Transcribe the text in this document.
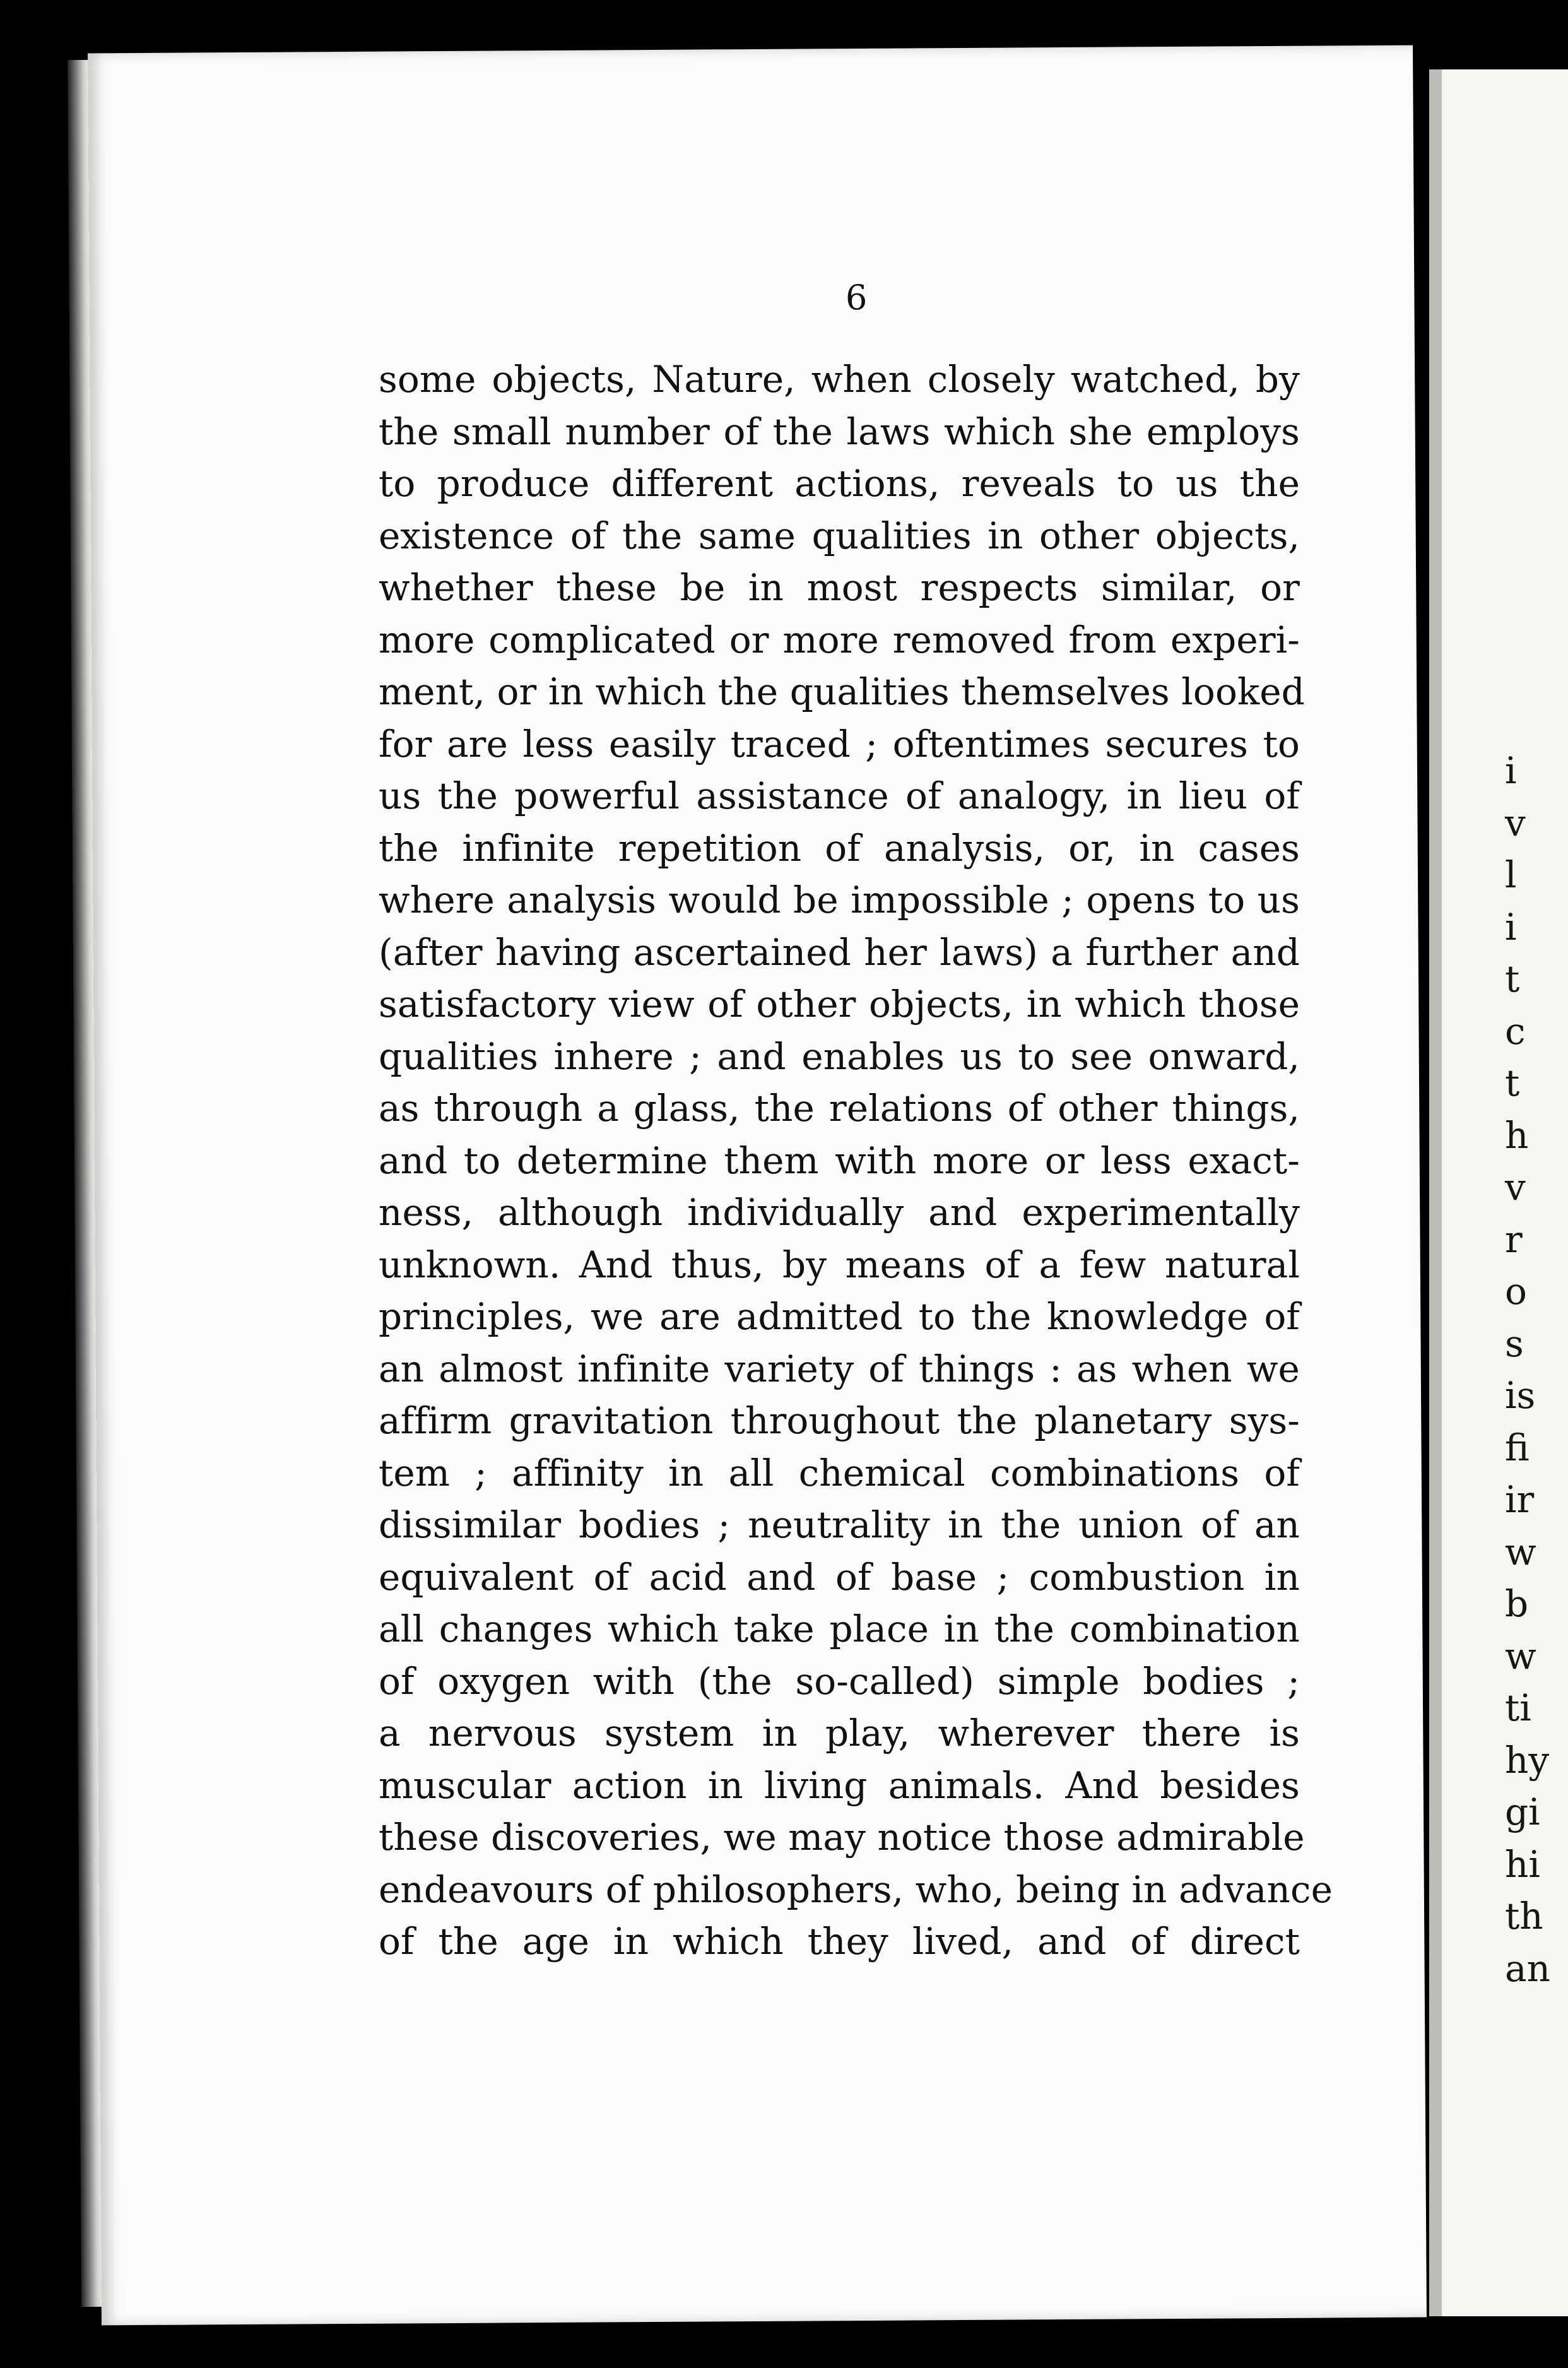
i
v
l
i
t
c
t
h
v
r
o
s
is
fi
ir
w
b
w
ti
hy
gi
hi
th
an
6
some objects, Nature, when closely watched, by
the small number of the laws which she employs
to produce different actions, reveals to us the
existence of the same qualities in other objects,
whether these be in most respects similar, or
more complicated or more removed from experi-
ment, or in which the qualities themselves looked
for are less easily traced ; oftentimes secures to
us the powerful assistance of analogy, in lieu of
the infinite repetition of analysis, or, in cases
where analysis would be impossible ; opens to us
(after having ascertained her laws) a further and
satisfactory view of other objects, in which those
qualities inhere ; and enables us to see onward,
as through a glass, the relations of other things,
and to determine them with more or less exact-
ness, although individually and experimentally
unknown. And thus, by means of a few natural
principles, we are admitted to the knowledge of
an almost infinite variety of things : as when we
affirm gravitation throughout the planetary sys-
tem ; affinity in all chemical combinations of
dissimilar bodies ; neutrality in the union of an
equivalent of acid and of base ; combustion in
all changes which take place in the combination
of oxygen with (the so-called) simple bodies ;
a nervous system in play, wherever there is
muscular action in living animals. And besides
these discoveries, we may notice those admirable
endeavours of philosophers, who, being in advance
of the age in which they lived, and of direct
